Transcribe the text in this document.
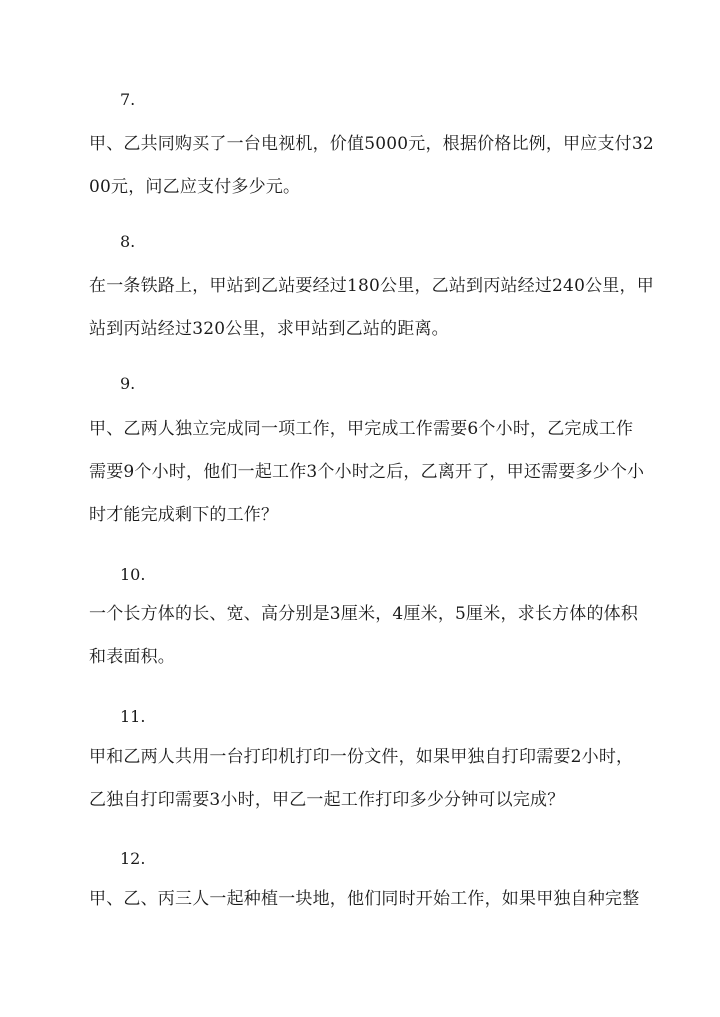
7.
甲、乙共同购买了一台电视机，价值5000元，根据价格比例，甲应支付32
00元，问乙应支付多少元。
8.
在一条铁路上，甲站到乙站要经过180公里，乙站到丙站经过240公里，甲
站到丙站经过320公里，求甲站到乙站的距离。
9.
甲、乙两人独立完成同一项工作，甲完成工作需要6个小时，乙完成工作
需要9个小时，他们一起工作3个小时之后，乙离开了，甲还需要多少个小
时才能完成剩下的工作？
10.
一个长方体的长、宽、高分别是3厘米，4厘米，5厘米，求长方体的体积
和表面积。
11.
甲和乙两人共用一台打印机打印一份文件，如果甲独自打印需要2小时，
乙独自打印需要3小时，甲乙一起工作打印多少分钟可以完成？
12.
甲、乙、丙三人一起种植一块地，他们同时开始工作，如果甲独自种完整
